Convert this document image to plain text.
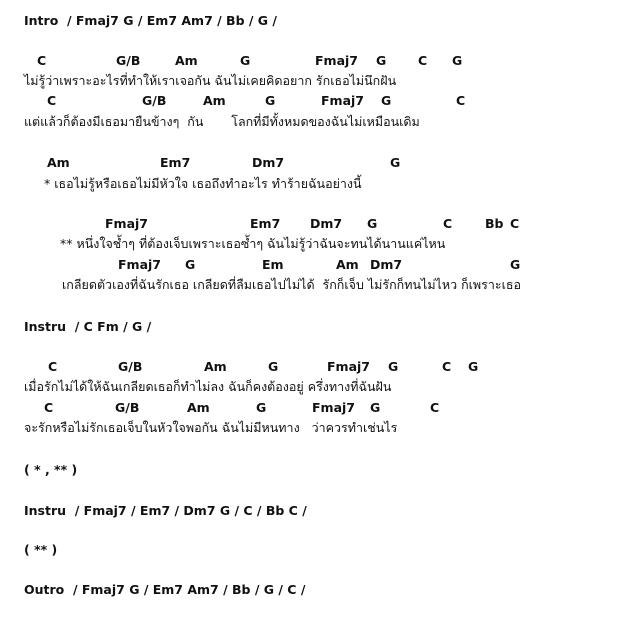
Intro  / Fmaj7 G / Em7 Am7 / Bb / G /
C	G/B	Am	G	Fmaj7 G	C G
ไม่รู้ว่าเพราะอะไรที่ทำให้เราเจอกัน ฉันไม่เคยคิดอยาก รักเธอไม่นึกฝัน
C	G/B	Am	G	Fmaj7 G	C
แต่แล้วก็ต้องมีเธอมายืนข้างๆ  กัน       โลกที่มีทั้งหมดของฉันไม่เหมือนเดิม
Am	Em7	Dm7	G
* เธอไม่รู้หรือเธอไม่มีหัวใจ เธอถึงทำอะไร ทำร้ายฉันอย่างนี้
Fmaj7	Em7 Dm7 G	C	Bb C
** หนึ่งใจช้ำๆ ที่ต้องเจ็บเพราะเธอซ้ำๆ ฉันไม่รู้ว่าฉันจะทนได้นานแค่ไหน
Fmaj7 G	Em	Am Dm7	G
เกลียดตัวเองที่ฉันรักเธอ เกลียดที่ลืมเธอไปไม่ได้  รักก็เจ็บ ไม่รักก็ทนไม่ไหว ก็เพราะเธอ
Instru  / C Fm / G /
C	G/B	Am	G	Fmaj7 G	C G
เมื่อรักไม่ได้ให้ฉันเกลียดเธอก็ทำไม่ลง ฉันก็คงต้องอยู่ ครึ่งทางที่ฉันฝัน
C	G/B	Am	G	Fmaj7 G	C
จะรักหรือไม่รักเธอเจ็บในหัวใจพอกัน ฉันไม่มีหนทาง   ว่าควรทำเช่นไร
( * , ** )
Instru  / Fmaj7 / Em7 / Dm7 G / C / Bb C /
( ** )
Outro  / Fmaj7 G / Em7 Am7 / Bb / G / C /
